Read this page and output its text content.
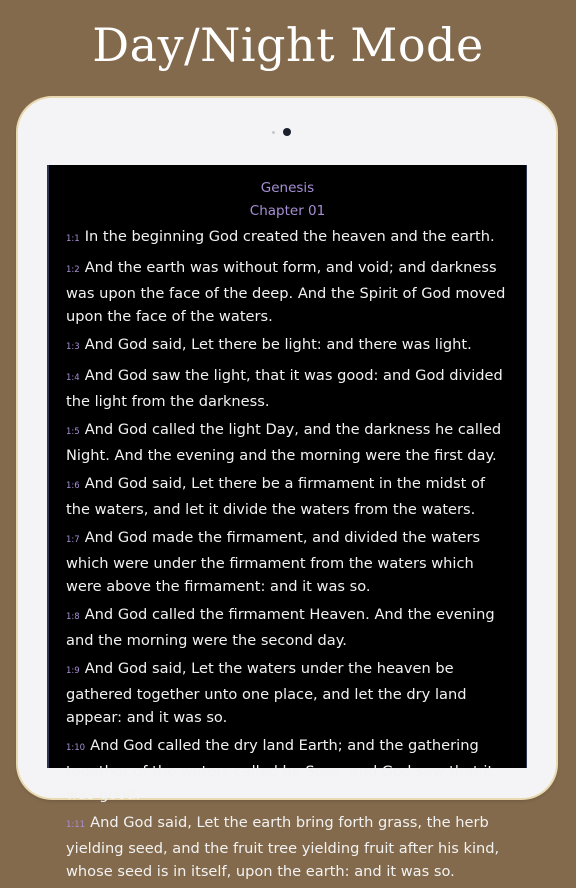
Day/Night Mode
Genesis
Chapter 01

1:1 In the beginning God created the heaven and the earth.

1:2 And the earth was without form, and void; and darkness was upon the face of the deep. And the Spirit of God moved upon the face of the waters.

1:3 And God said, Let there be light: and there was light.

1:4 And God saw the light, that it was good: and God divided the light from the darkness.

1:5 And God called the light Day, and the darkness he called Night. And the evening and the morning were the first day.

1:6 And God said, Let there be a firmament in the midst of the waters, and let it divide the waters from the waters.

1:7 And God made the firmament, and divided the waters which were under the firmament from the waters which were above the firmament: and it was so.

1:8 And God called the firmament Heaven. And the evening and the morning were the second day.

1:9 And God said, Let the waters under the heaven be gathered together unto one place, and let the dry land appear: and it was so.

1:10 And God called the dry land Earth; and the gathering together of the waters called he Seas: and God saw that it was good.

1:11 And God said, Let the earth bring forth grass, the herb yielding seed, and the fruit tree yielding fruit after his kind, whose seed is in itself, upon the earth: and it was so.
